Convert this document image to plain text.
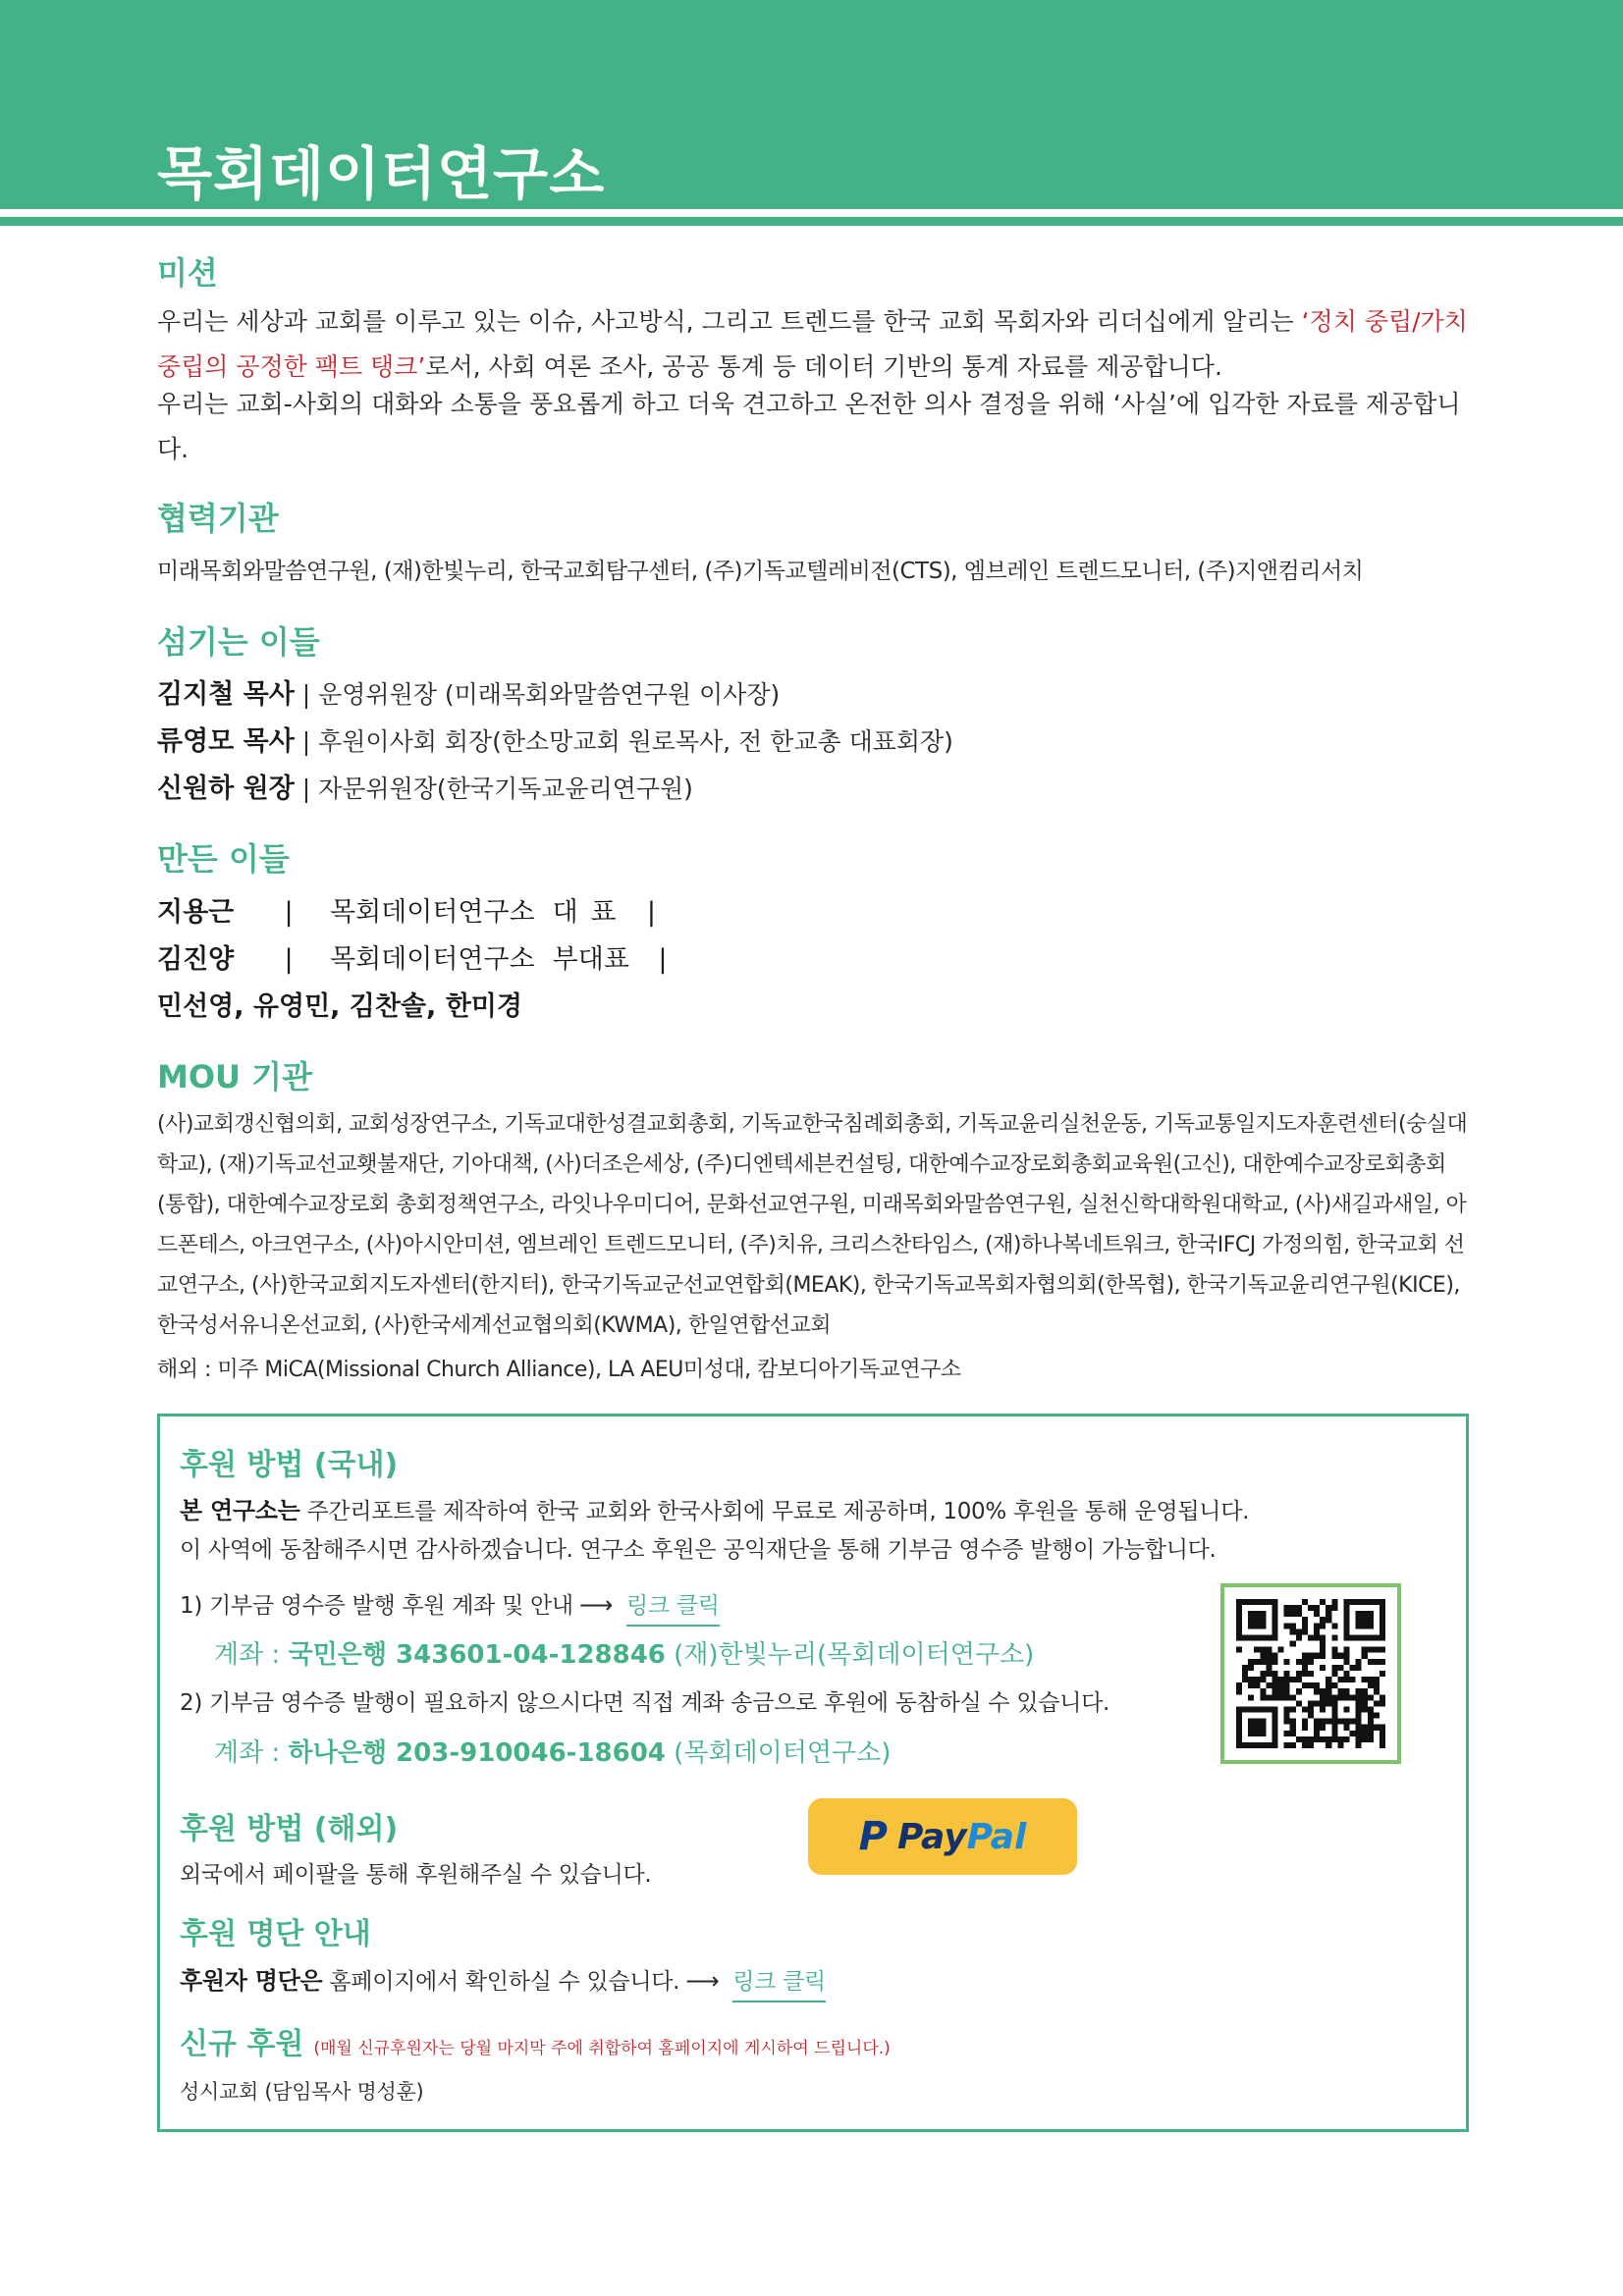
목회데이터연구소
미션
우리는 세상과 교회를 이루고 있는 이슈, 사고방식, 그리고 트렌드를 한국 교회 목회자와 리더십에게 알리는 ‘정치 중립/가치 중립의 공정한 팩트 탱크’로서, 사회 여론 조사, 공공 통계 등 데이터 기반의 통계 자료를 제공합니다.
우리는 교회-사회의 대화와 소통을 풍요롭게 하고 더욱 견고하고 온전한 의사 결정을 위해 ‘사실’에 입각한 자료를 제공합니다.
협력기관
미래목회와말씀연구원, (재)한빛누리, 한국교회탐구센터, (주)기독교텔레비전(CTS), 엠브레인 트렌드모니터, (주)지앤컴리서치
섬기는 이들
김지철 목사 | 운영위원장 (미래목회와말씀연구원 이사장)
류영모 목사 | 후원이사회 회장(한소망교회 원로목사, 전 한교총 대표회장)
신원하 원장 | 자문위원장(한국기독교윤리연구원)
만든 이들
지용근 | 목회데이터연구소 대 표 |
김진양 | 목회데이터연구소 부대표 |
민선영, 유영민, 김찬솔, 한미경
MOU 기관
(사)교회갱신협의회, 교회성장연구소, 기독교대한성결교회총회, 기독교한국침례회총회, 기독교윤리실천운동, 기독교통일지도자훈련센터(숭실대학교), (재)기독교선교횃불재단, 기아대책, (사)더조은세상, (주)디엔텍세븐컨설팅, 대한예수교장로회총회교육원(고신), 대한예수교장로회총회(통합), 대한예수교장로회 총회정책연구소, 라잇나우미디어, 문화선교연구원, 미래목회와말씀연구원, 실천신학대학원대학교, (사)새길과새일, 아드폰테스, 아크연구소, (사)아시안미션, 엠브레인 트렌드모니터, (주)치유, 크리스찬타임스, (재)하나복네트워크, 한국IFCJ 가정의힘, 한국교회 선교연구소, (사)한국교회지도자센터(한지터), 한국기독교군선교연합회(MEAK), 한국기독교목회자협의회(한목협), 한국기독교윤리연구원(KICE), 한국성서유니온선교회, (사)한국세계선교협의회(KWMA), 한일연합선교회
해외 : 미주 MiCA(Missional Church Alliance), LA AEU미성대, 캄보디아기독교연구소
후원 방법 (국내)
본 연구소는 주간리포트를 제작하여 한국 교회와 한국사회에 무료로 제공하며, 100% 후원을 통해 운영됩니다.
이 사역에 동참해주시면 감사하겠습니다. 연구소 후원은 공익재단을 통해 기부금 영수증 발행이 가능합니다.
1) 기부금 영수증 발행 후원 계좌 및 안내 ⟶ 링크 클릭
계좌 : 국민은행 343601-04-128846 (재)한빛누리(목회데이터연구소)
2) 기부금 영수증 발행이 필요하지 않으시다면 직접 계좌 송금으로 후원에 동참하실 수 있습니다.
계좌 : 하나은행 203-910046-18604 (목회데이터연구소)
후원 방법 (해외)
외국에서 페이팔을 통해 후원해주실 수 있습니다.
P Pay Pal
후원 명단 안내
후원자 명단은 홈페이지에서 확인하실 수 있습니다. ⟶ 링크 클릭
신규 후원 (매월 신규후원자는 당월 마지막 주에 취합하여 홈페이지에 게시하여 드립니다.)
성시교회 (담임목사 명성훈)
